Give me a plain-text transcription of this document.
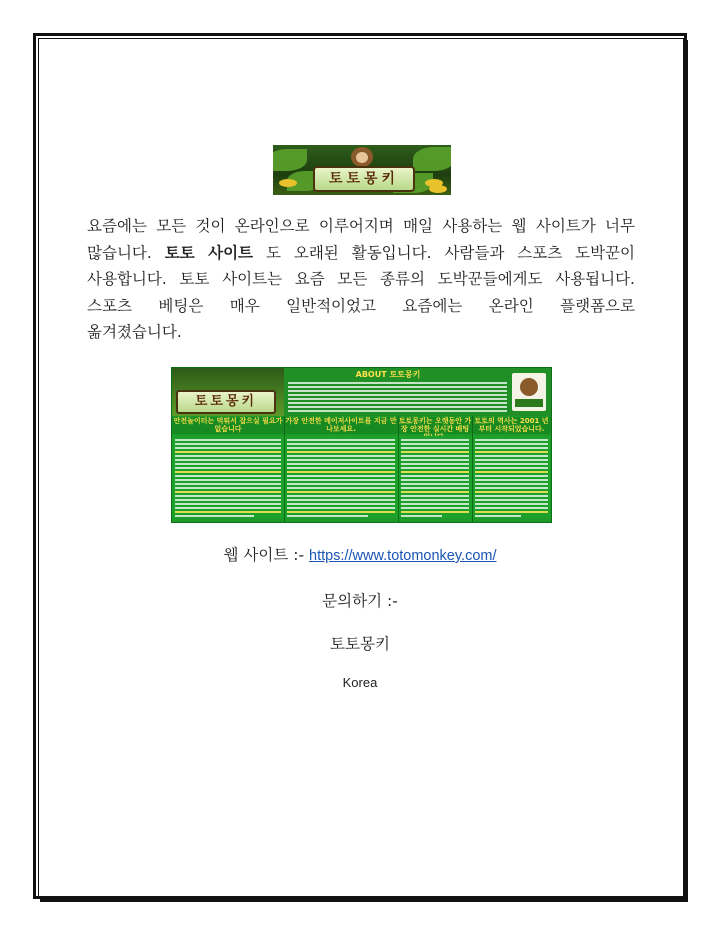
토토몽키
요즘에는 모든 것이 온라인으로 이루어지며 매일 사용하는 웹 사이트가 너무
많습니다. 토토 사이트 도 오래된 활동입니다. 사람들과 스포츠 도박꾼이
사용합니다. 토토 사이트는 요즘 모든 종류의 도박꾼들에게도 사용됩니다.
스포츠 베팅은 매우 일반적이었고 요즘에는 온라인 플랫폼으로
옮겨졌습니다.
토토몽키
ABOUT 토토몽키
안전놀이터는 먹튀서 잡으실 필요가 없습니다
가장 안전한 메이저사이트를 지금 만나보세요.
토토몽키는 오랫동안 가장 안전한 실시간 배팅
토토의 역사는 2001 년부터 시작되었습니다.
웹 사이트 :- https://www.totomonkey.com/
문의하기 :-
토토몽키
Korea
